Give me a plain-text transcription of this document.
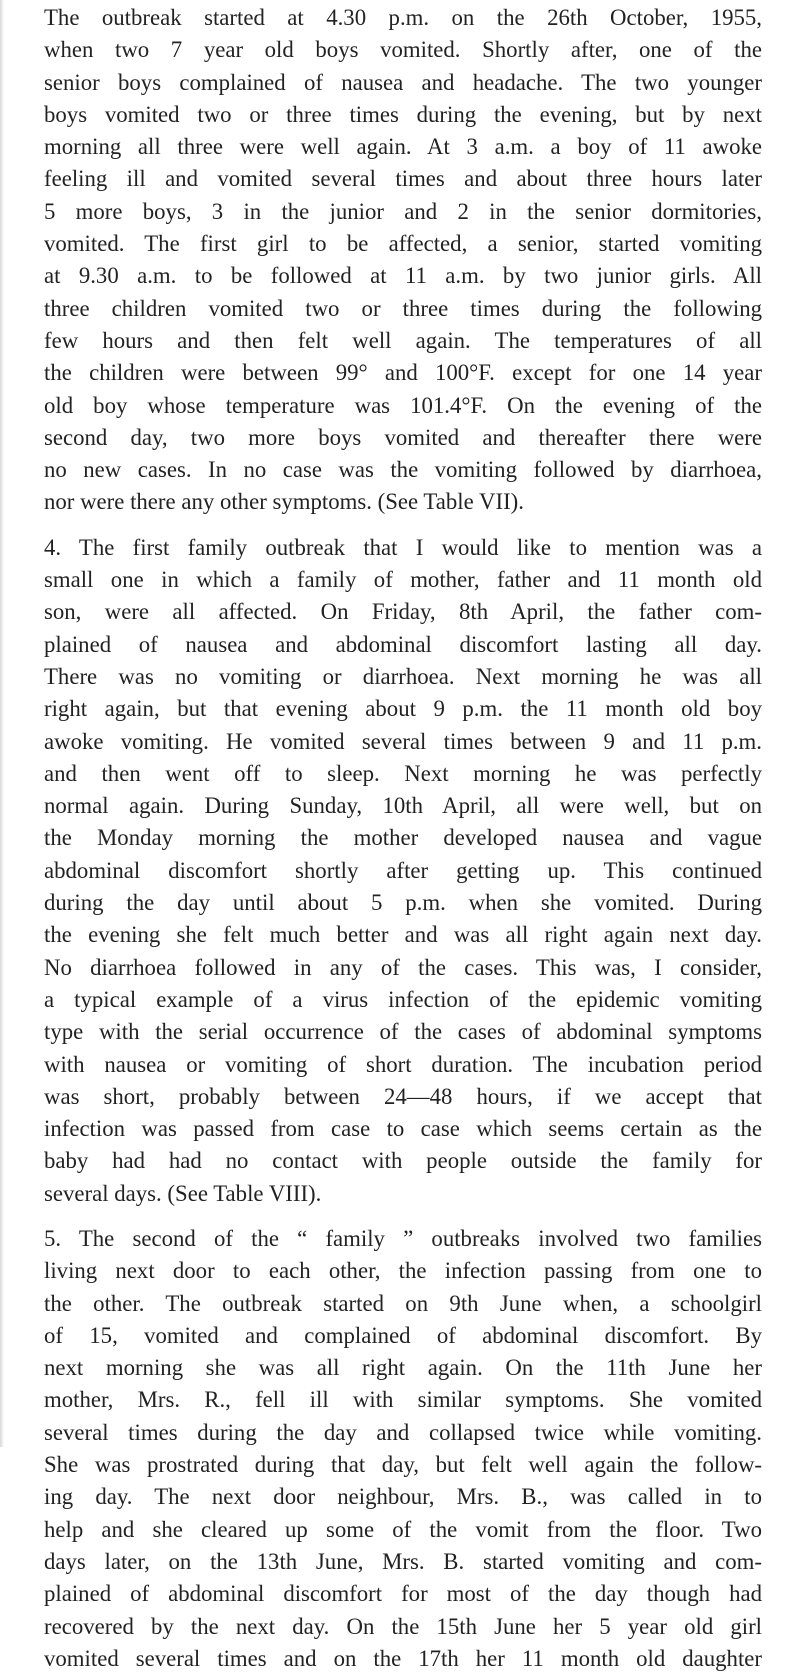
The outbreak started at 4.30 p.m. on the 26th October, 1955,
when two 7 year old boys vomited. Shortly after, one of the
senior boys complained of nausea and headache. The two younger
boys vomited two or three times during the evening, but by next
morning all three were well again. At 3 a.m. a boy of 11 awoke
feeling ill and vomited several times and about three hours later
5 more boys, 3 in the junior and 2 in the senior dormitories,
vomited. The first girl to be affected, a senior, started vomiting
at 9.30 a.m. to be followed at 11 a.m. by two junior girls. All
three children vomited two or three times during the following
few hours and then felt well again. The temperatures of all
the children were between 99° and 100°F. except for one 14 year
old boy whose temperature was 101.4°F. On the evening of the
second day, two more boys vomited and thereafter there were
no new cases. In no case was the vomiting followed by diarrhoea,
nor were there any other symptoms. (See Table VII).
4. The first family outbreak that I would like to mention was a
small one in which a family of mother, father and 11 month old
son, were all affected. On Friday, 8th April, the father com-
plained of nausea and abdominal discomfort lasting all day.
There was no vomiting or diarrhoea. Next morning he was all
right again, but that evening about 9 p.m. the 11 month old boy
awoke vomiting. He vomited several times between 9 and 11 p.m.
and then went off to sleep. Next morning he was perfectly
normal again. During Sunday, 10th April, all were well, but on
the Monday morning the mother developed nausea and vague
abdominal discomfort shortly after getting up. This continued
during the day until about 5 p.m. when she vomited. During
the evening she felt much better and was all right again next day.
No diarrhoea followed in any of the cases. This was, I consider,
a typical example of a virus infection of the epidemic vomiting
type with the serial occurrence of the cases of abdominal symptoms
with nausea or vomiting of short duration. The incubation period
was short, probably between 24—48 hours, if we accept that
infection was passed from case to case which seems certain as the
baby had had no contact with people outside the family for
several days. (See Table VIII).
5. The second of the “ family ” outbreaks involved two families
living next door to each other, the infection passing from one to
the other. The outbreak started on 9th June when, a schoolgirl
of 15, vomited and complained of abdominal discomfort. By
next morning she was all right again. On the 11th June her
mother, Mrs. R., fell ill with similar symptoms. She vomited
several times during the day and collapsed twice while vomiting.
She was prostrated during that day, but felt well again the follow-
ing day. The next door neighbour, Mrs. B., was called in to
help and she cleared up some of the vomit from the floor. Two
days later, on the 13th June, Mrs. B. started vomiting and com-
plained of abdominal discomfort for most of the day though had
recovered by the next day. On the 15th June her 5 year old girl
vomited several times and on the 17th her 11 month old daughter
